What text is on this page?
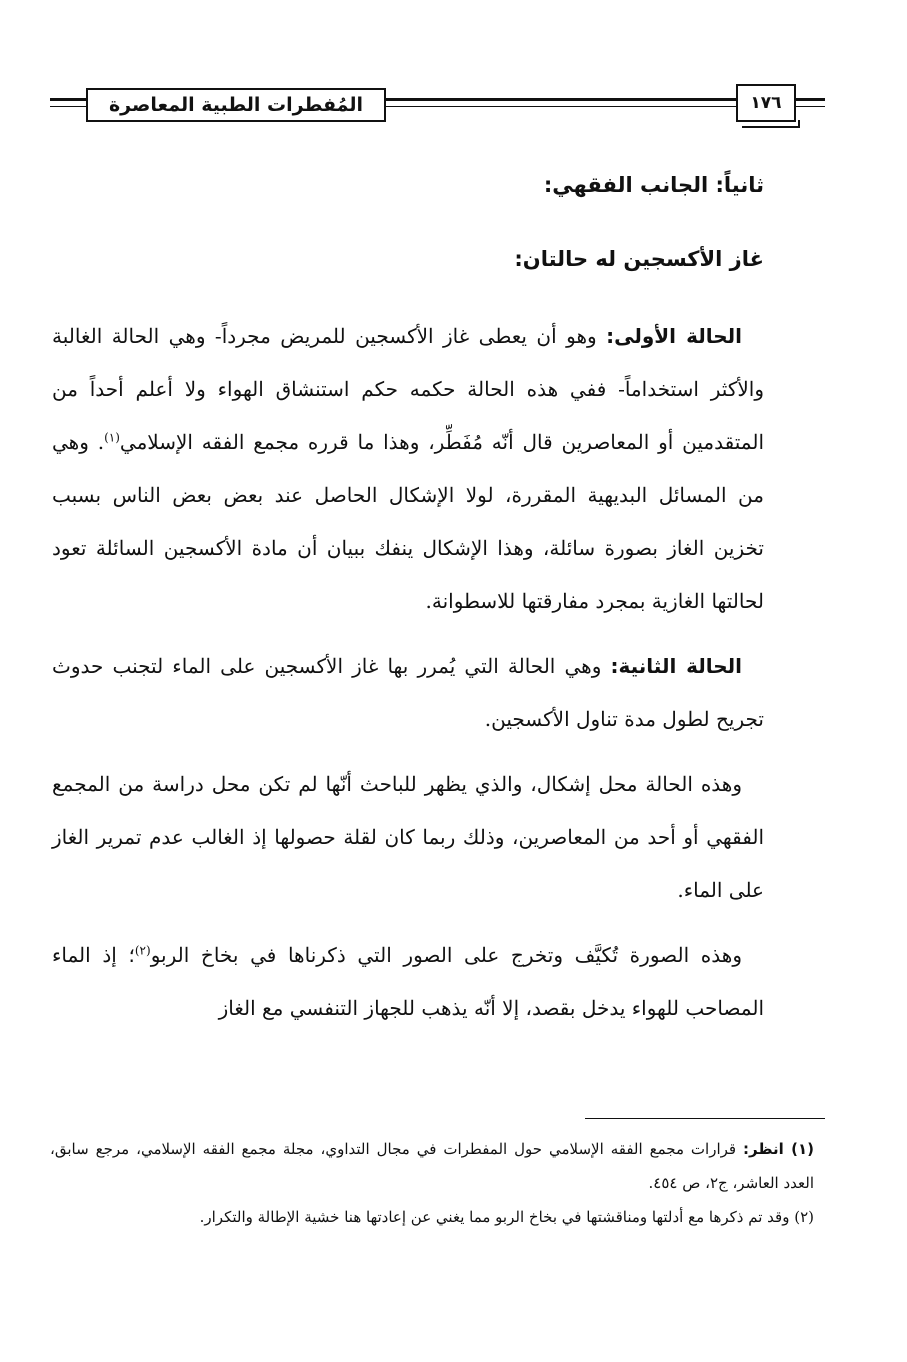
المُفطرات الطبية المعاصرة	١٧٦
ثانياً: الجانب الفقهي:
غاز الأكسجين له حالتان:

الحالة الأولى: وهو أن يعطى غاز الأكسجين للمريض مجرداً- وهي الحالة الغالبة والأكثر استخداماً- ففي هذه الحالة حكمه حكم استنشاق الهواء ولا أعلم أحداً من المتقدمين أو المعاصرين قال أنّه مُفَطِّر، وهذا ما قرره مجمع الفقه الإسلامي$^{(١)}$. وهي من المسائل البديهية المقررة، لولا الإشكال الحاصل عند بعض بعض الناس بسبب تخزين الغاز بصورة سائلة، وهذا الإشكال ينفك ببيان أن مادة الأكسجين السائلة تعود لحالتها الغازية بمجرد مفارقتها للاسطوانة.

الحالة الثانية: وهي الحالة التي يُمرر بها غاز الأكسجين على الماء لتجنب حدوث تجريح لطول مدة تناول الأكسجين.

وهذه الحالة محل إشكال، والذي يظهر للباحث أنّها لم تكن محل دراسة من المجمع الفقهي أو أحد من المعاصرين، وذلك ربما كان لقلة حصولها إذ الغالب عدم تمرير الغاز على الماء.

وهذه الصورة تُكيَّف وتخرج على الصور التي ذكرناها في بخاخ الربو$^{(٢)}$؛ إذ الماء المصاحب للهواء يدخل بقصد، إلا أنّه يذهب للجهاز التنفسي مع الغاز

(١) انظر: قرارات مجمع الفقه الإسلامي حول المفطرات في مجال التداوي، مجلة مجمع الفقه الإسلامي، مرجع سابق، العدد العاشر، ج٢، ص ٤٥٤.

(٢) وقد تم ذكرها مع أدلتها ومناقشتها في بخاخ الربو مما يغني عن إعادتها هنا خشية الإطالة والتكرار.
